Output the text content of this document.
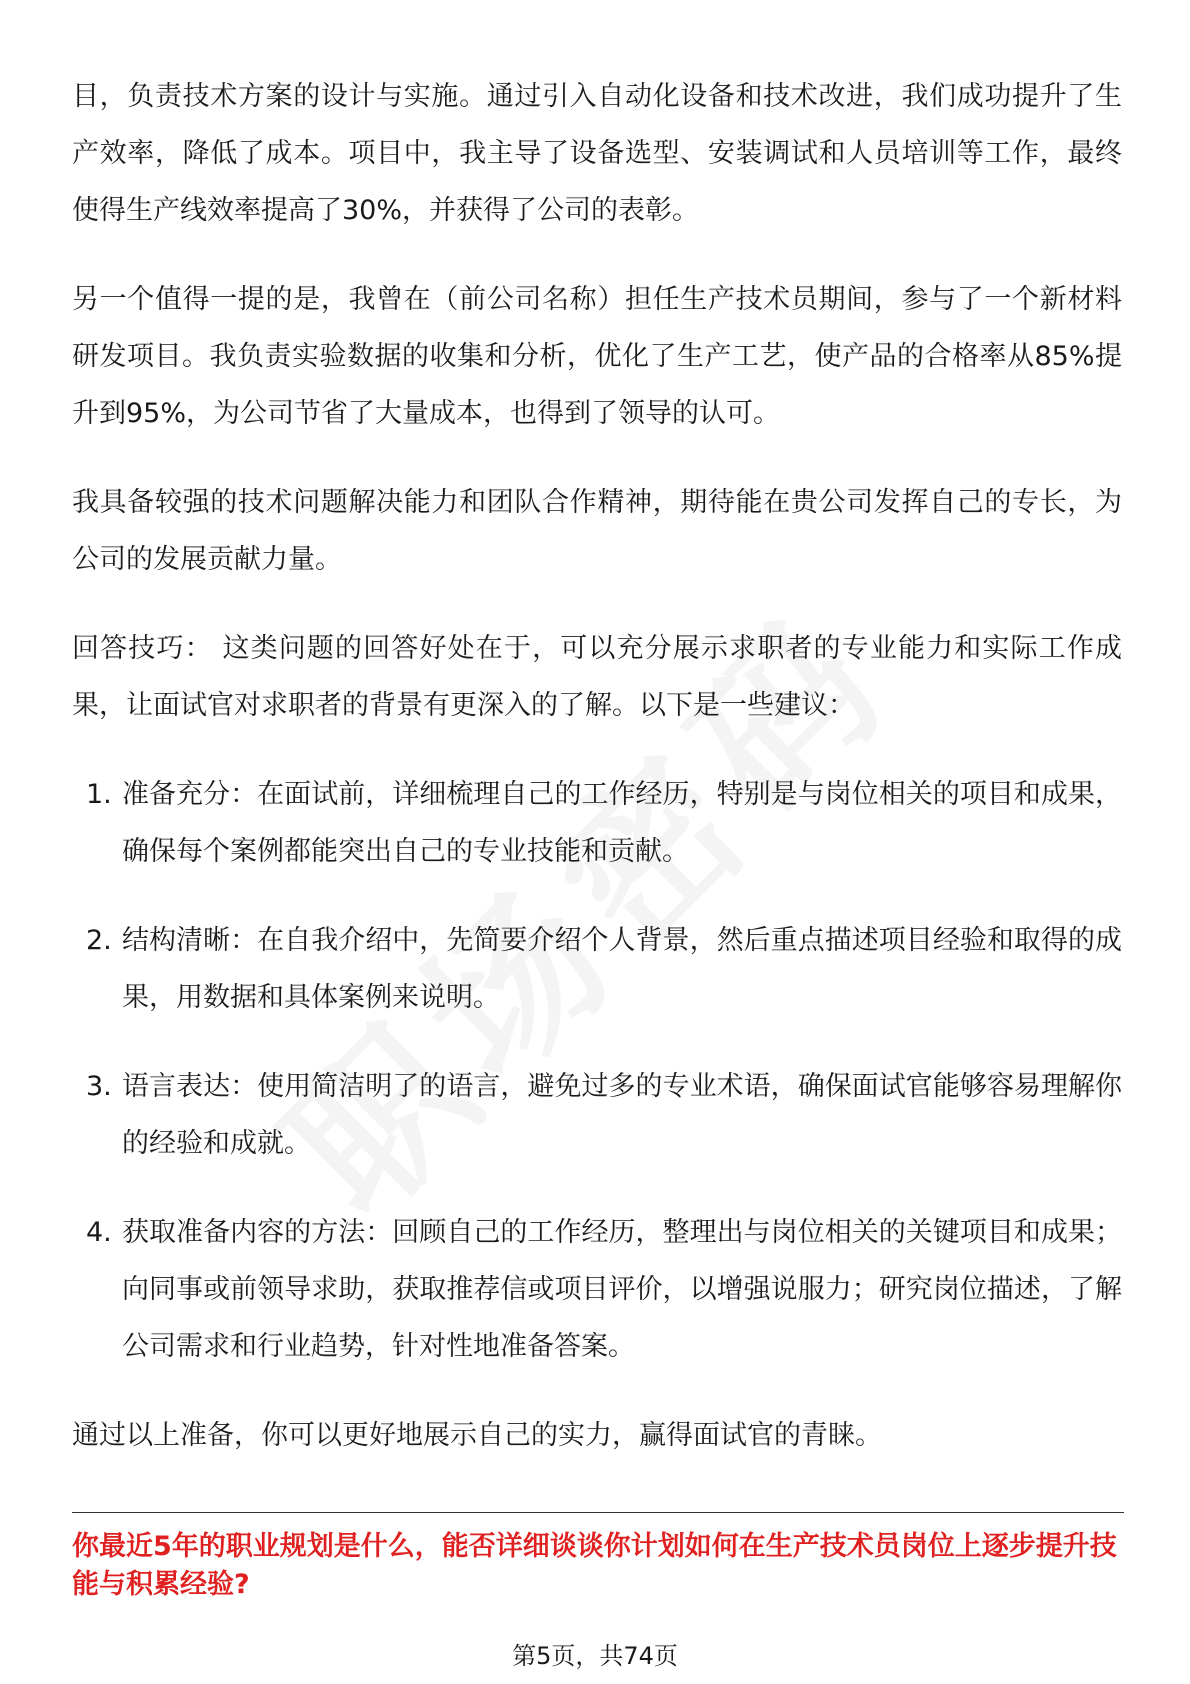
目，负责技术方案的设计与实施。通过引入自动化设备和技术改进，我们成功提升了生产效率，降低了成本。项目中，我主导了设备选型、安装调试和人员培训等工作，最终使得生产线效率提高了30%，并获得了公司的表彰。

另一个值得一提的是，我曾在（前公司名称）担任生产技术员期间，参与了一个新材料研发项目。我负责实验数据的收集和分析，优化了生产工艺，使产品的合格率从85%提升到95%，为公司节省了大量成本，也得到了领导的认可。

我具备较强的技术问题解决能力和团队合作精神，期待能在贵公司发挥自己的专长，为公司的发展贡献力量。

回答技巧： 这类问题的回答好处在于，可以充分展示求职者的专业能力和实际工作成果，让面试官对求职者的背景有更深入的了解。以下是一些建议：

1. 准备充分：在面试前，详细梳理自己的工作经历，特别是与岗位相关的项目和成果，确保每个案例都能突出自己的专业技能和贡献。
2. 结构清晰：在自我介绍中，先简要介绍个人背景，然后重点描述项目经验和取得的成果，用数据和具体案例来说明。
3. 语言表达：使用简洁明了的语言，避免过多的专业术语，确保面试官能够容易理解你的经验和成就。
4. 获取准备内容的方法：回顾自己的工作经历，整理出与岗位相关的关键项目和成果；向同事或前领导求助，获取推荐信或项目评价，以增强说服力；研究岗位描述，了解公司需求和行业趋势，针对性地准备答案。

通过以上准备，你可以更好地展示自己的实力，赢得面试官的青睐。

你最近5年的职业规划是什么，能否详细谈谈你计划如何在生产技术员岗位上逐步提升技能与积累经验?
第5页，共74页
